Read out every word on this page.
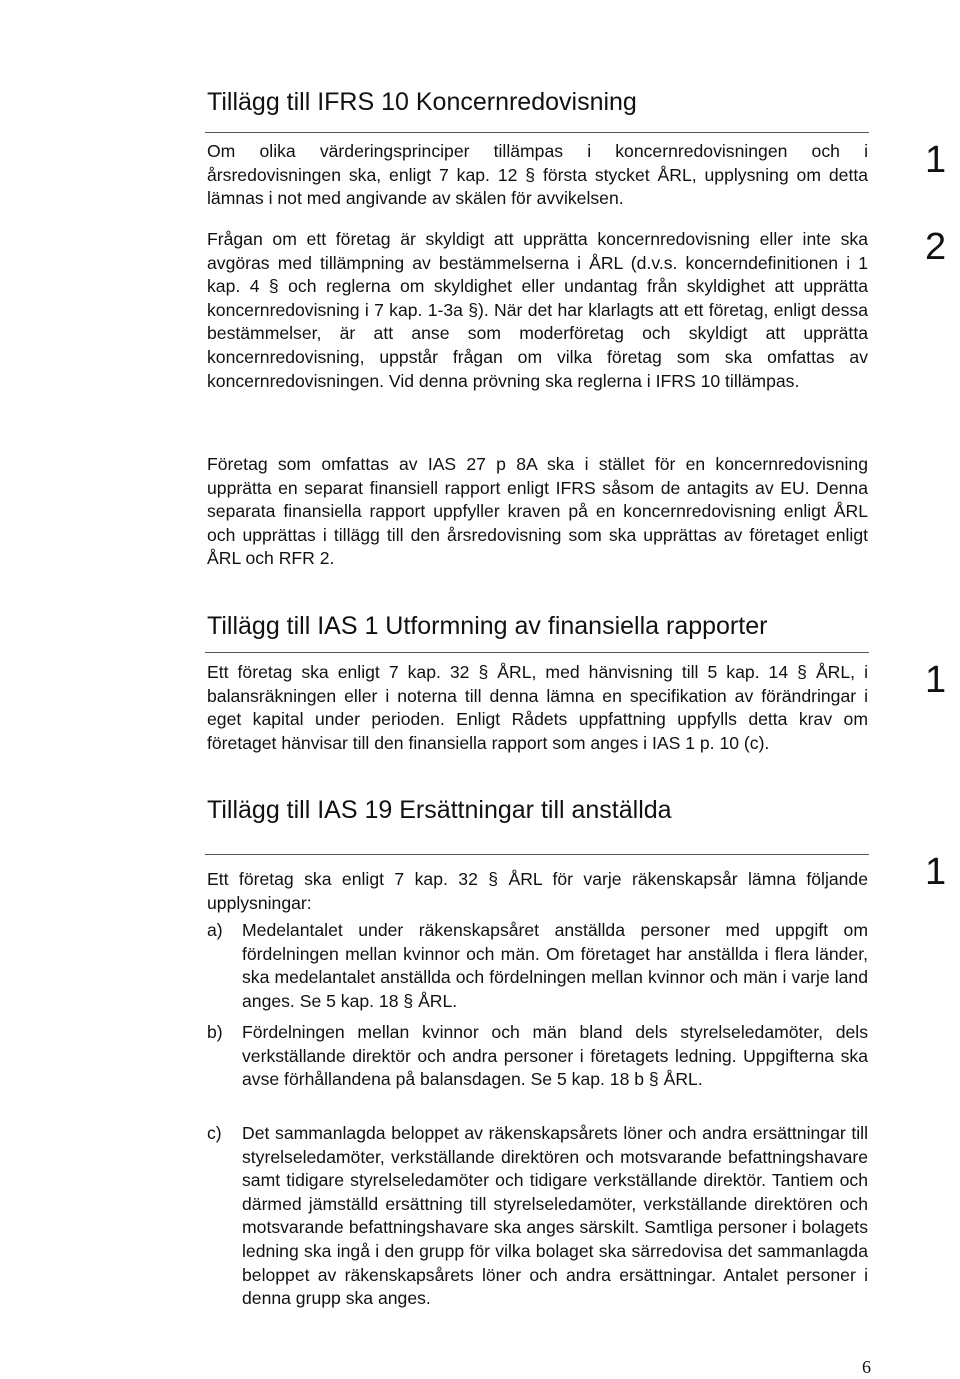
Tillägg till IFRS 10 Koncernredovisning
1
2

Om olika värderingsprinciper tillämpas i koncernredovisningen och i årsredovisningen ska, enligt 7 kap. 12 § första stycket ÅRL, upplysning om detta lämnas i not med angivande av skälen för avvikelsen.

Frågan om ett företag är skyldigt att upprätta koncernredovisning eller inte ska avgöras med tillämpning av bestämmelserna i ÅRL (d.v.s. koncerndefinitionen i 1 kap. 4 § och reglerna om skyldighet eller undantag från skyldighet att upprätta koncernredovisning i 7 kap. 1-3a §). När det har klarlagts att ett företag, enligt dessa bestämmelser, är att anse som moderföretag och skyldigt att upprätta koncernredovisning, uppstår frågan om vilka företag som ska omfattas av koncernredovisningen. Vid denna prövning ska reglerna i IFRS 10 tillämpas.

Företag som omfattas av IAS 27 p 8A ska i stället för en koncernredovisning upprätta en separat finansiell rapport enligt IFRS såsom de antagits av EU. Denna separata finansiella rapport uppfyller kraven på en koncernredovisning enligt ÅRL och upprättas i tillägg till den årsredovisning som ska upprättas av företaget enligt ÅRL och RFR 2.

Tillägg till IAS 1 Utformning av finansiella rapporter
1

Ett företag ska enligt 7 kap. 32 § ÅRL, med hänvisning till 5 kap. 14 § ÅRL, i balansräkningen eller i noterna till denna lämna en specifikation av förändringar i eget kapital under perioden. Enligt Rådets uppfattning uppfylls detta krav om företaget hänvisar till den finansiella rapport som anges i IAS 1 p. 10 (c).

Tillägg till IAS 19 Ersättningar till anställda
1

Ett företag ska enligt 7 kap. 32 § ÅRL för varje räkenskapsår lämna följande upplysningar:

a) Medelantalet under räkenskapsåret anställda personer med uppgift om fördelningen mellan kvinnor och män. Om företaget har anställda i flera länder, ska medelantalet anställda och fördelningen mellan kvinnor och män i varje land anges. Se 5 kap. 18 § ÅRL.
b) Fördelningen mellan kvinnor och män bland dels styrelseledamöter, dels verkställande direktör och andra personer i företagets ledning. Uppgifterna ska avse förhållandena på balansdagen. Se 5 kap. 18 b § ÅRL.
c) Det sammanlagda beloppet av räkenskapsårets löner och andra ersättningar till styrelseledamöter, verkställande direktören och motsvarande befattningshavare samt tidigare styrelseledamöter och tidigare verkställande direktör. Tantiem och därmed jämställd ersättning till styrelseledamöter, verkställande direktören och motsvarande befattningshavare ska anges särskilt. Samtliga personer i bolagets ledning ska ingå i den grupp för vilka bolaget ska särredovisa det sammanlagda beloppet av räkenskapsårets löner och andra ersättningar. Antalet personer i denna grupp ska anges.
6
